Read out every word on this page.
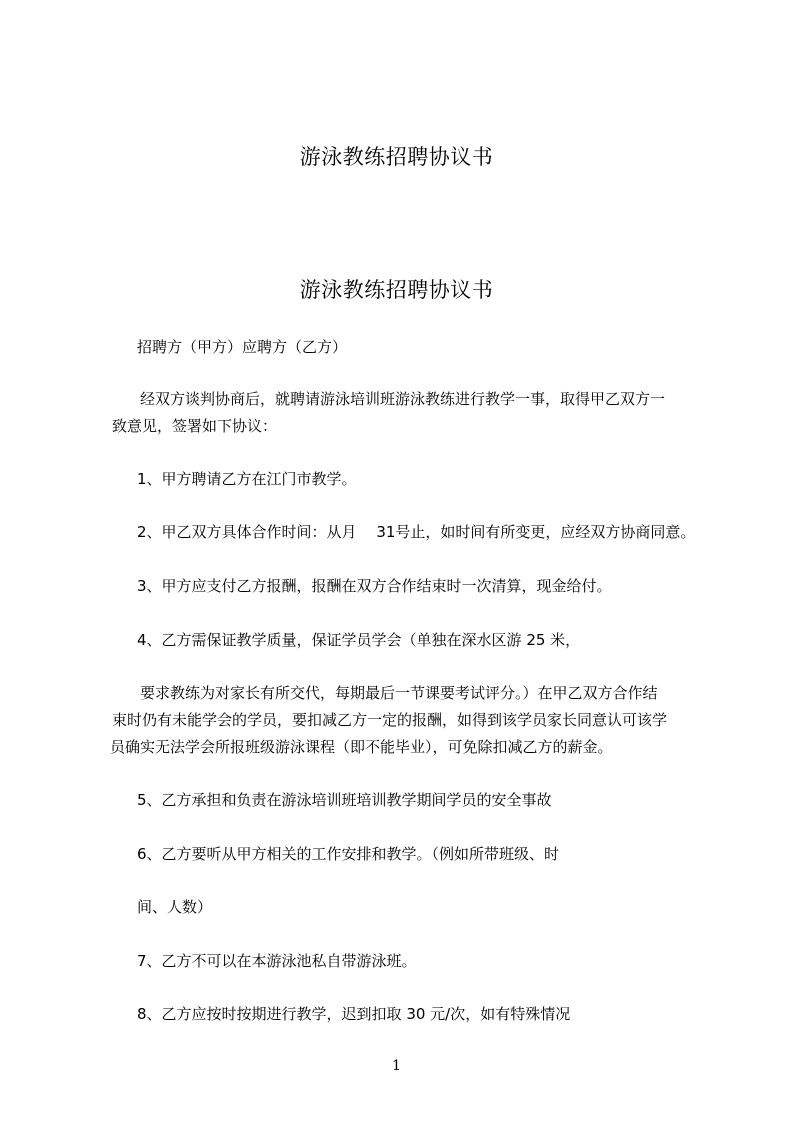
游泳教练招聘协议书
游泳教练招聘协议书
招聘方（甲方）应聘方（乙方）
经双方谈判协商后，就聘请游泳培训班游泳教练进行教学一事，取得甲乙双方一
致意见，签署如下协议：
1、甲方聘请乙方在江门市教学。
2、甲乙双方具体合作时间：从月　 31号止，如时间有所变更，应经双方协商同意。
3、甲方应支付乙方报酬，报酬在双方合作结束时一次清算，现金给付。
4、乙方需保证教学质量，保证学员学会（单独在深水区游 25 米，
要求教练为对家长有所交代，每期最后一节课要考试评分。）在甲乙双方合作结
束时仍有未能学会的学员，要扣减乙方一定的报酬，如得到该学员家长同意认可该学
员确实无法学会所报班级游泳课程（即不能毕业），可免除扣减乙方的薪金。
5、乙方承担和负责在游泳培训班培训教学期间学员的安全事故
6、乙方要听从甲方相关的工作安排和教学。（例如所带班级、时
间、人数）
7、乙方不可以在本游泳池私自带游泳班。
8、乙方应按时按期进行教学，迟到扣取 30 元/次，如有特殊情况
1
